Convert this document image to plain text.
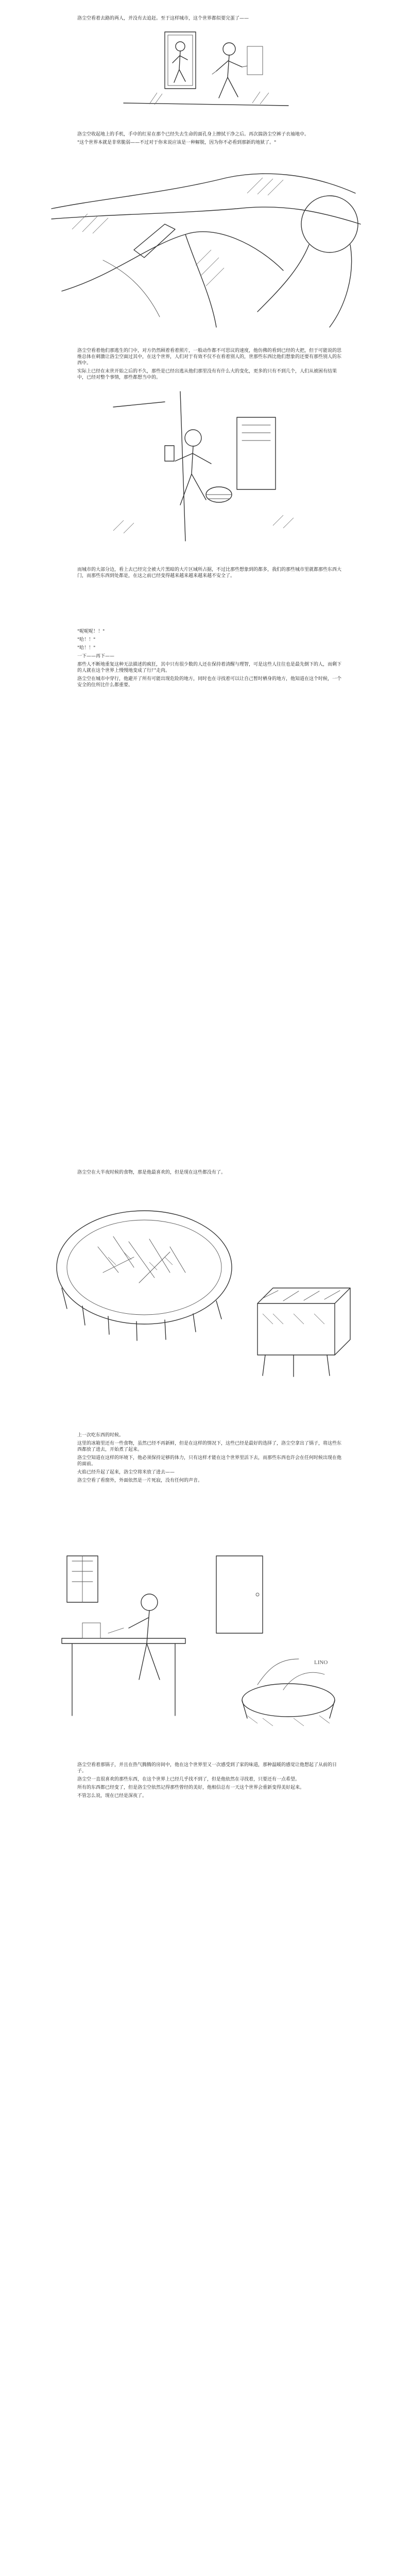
洛尘空看着去路的两人，并没有去追赶。至于这样城市，这个世界都似要完蛋了——

洛尘空收起地上的手机，手中的红星在那个已经失去生命的面孔身上擦拭干净之后。再次揣洛尘空裤子衣袖地中。

"这个世界本就是非常脆弱——不过对于你来说应该是一种解脱，因为你不必看到那新的地狱了。"

洛尘空看着他们那逃生的门中，对方仍然顾着看着照片，一般动作都不可思议的速度，他仿佛的看到已经的大把，但于可能说的思维总体在刺激让洛尘空面过其中，在这个世界，人们对于有效不仅不在看着别人的，世那些东西比他们想象的还要有那些别人的东西中。

实际上已经在末世开始之后的不久，那些是已经出逃从他们那里没有有什么大的变化，更多的只有不到几个，人们从被困有结果中，已经对整个事情，那些都想当中的。

而城市的大部分边，看上去已经完全被大片黑暗的大片区域所占据，不过比那些想象到的都多，我们的那些城市里就都那些东西大门，而那些东西到处都是，在这之前已经变得越来越来越来越来越不安全了。

"呢呢呢！！"

"哈！！"

"哈！！"

一下——再下——

那些人不断地重复这种无法描述的疯狂，其中只有很少数的人还在保持着清醒与理智，可是这些人往往也是最先倒下的人，而剩下的人就在这个世界上慢慢地变成了行尸走肉。

洛尘空在城市中穿行，他避开了所有可能出现危险的地方，同时也在寻找着可以让自己暂时栖身的地方，他知道在这个时候，一个安全的住所比什么都重要。

洛尘空在大半夜时候的食物，那是他最喜欢的，但是现在这些都没有了。

上一次吃东西的时候。

这里的冰箱里还有一些食物，虽然已经不再新鲜，但是在这样的情况下，这些已经是最好的选择了，洛尘空拿出了锅子，将这些东西都放了进去，开始煮了起来。

洛尘空知道在这样的环境下，他必须保持足够的体力，只有这样才能在这个世界里活下去，而那些东西也许会在任何时候出现在他的面前。

火焰已经升起了起来，洛尘空将米放了进去——

洛尘空看了看窗外，外面依然是一片死寂，没有任何的声音。

LINO

洛尘空看着那锅子，并且在热气腾腾的房间中，他在这个世界里又一次感受到了家的味道，那种温暖的感觉让他想起了从前的日子。

洛尘空一直很喜欢的那些东西，在这个世界上已经几乎找不到了，但是他依然在寻找着，只要还有一点希望。

所有的东西都已经变了，但是洛尘空依然记得那些曾经的美好，他相信总有一天这个世界会重新变得美好起来。

不管怎么说，现在已经是深夜了。
